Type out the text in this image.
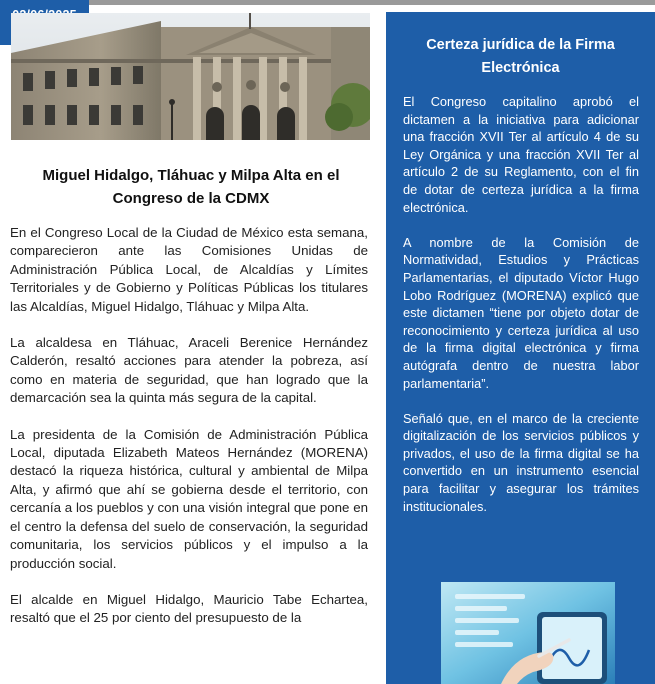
Miguel Hidalgo, Tláhuac y Milpa Alta en el Congreso de la CDMX

En el Congreso Local de la Ciudad de México esta semana, comparecieron ante las Comisiones Unidas de Administración Pública Local, de Alcaldías y Límites Territoriales y de Gobierno y Políticas Públicas los titulares las Alcaldías, Miguel Hidalgo, Tláhuac y Milpa Alta.

La alcaldesa en Tláhuac, Araceli Berenice Hernández Calderón, resaltó acciones para atender la pobreza, así como en materia de seguridad, que han logrado que la demarcación sea la quinta más segura de la capital.

La presidenta de la Comisión de Administración Pública Local, diputada Elizabeth Mateos Hernández (MORENA) destacó la riqueza histórica, cultural y ambiental de Milpa Alta, y afirmó que ahí se gobierna desde el territorio, con cercanía a los pueblos y con una visión integral que pone en el centro la defensa del suelo de conservación, la seguridad comunitaria, los servicios públicos y el impulso a la producción social.

El alcalde en Miguel Hidalgo, Mauricio Tabe Echartea, resaltó que el 25 por ciento del presupuesto de la

Certeza jurídica de la Firma Electrónica

El Congreso capitalino aprobó el dictamen a la iniciativa para adicionar una fracción XVII Ter al artículo 4 de su Ley Orgánica y una fracción XVII Ter al artículo 2 de su Reglamento, con el fin de dotar de certeza jurídica a la firma electrónica.

A nombre de la Comisión de Normatividad, Estudios y Prácticas Parlamentarias, el diputado Víctor Hugo Lobo Rodríguez (MORENA) explicó que este dictamen “tiene por objeto dotar de reconocimiento y certeza jurídica al uso de la firma digital electrónica y firma autógrafa dentro de nuestra labor parlamentaria”.

Señaló que, en el marco de la creciente digitalización de los servicios públicos y privados, el uso de la firma digital se ha convertido en un instrumento esencial para facilitar y asegurar los trámites institucionales.
